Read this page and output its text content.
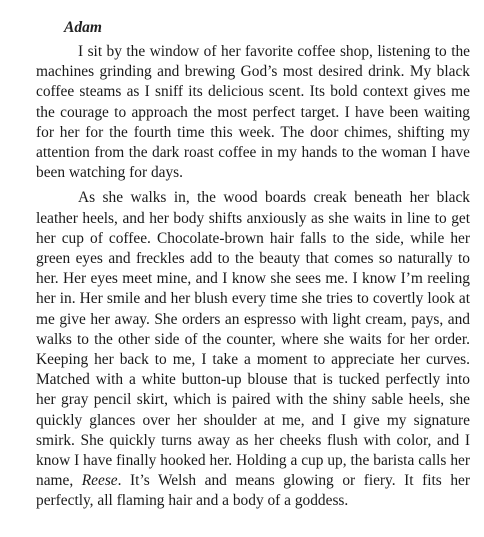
Adam

I sit by the window of her favorite coffee shop, listening to the machines grinding and brewing God’s most desired drink. My black coffee steams as I sniff its delicious scent. Its bold context gives me the courage to approach the most perfect target. I have been waiting for her for the fourth time this week. The door chimes, shifting my attention from the dark roast coffee in my hands to the woman I have been watching for days.

As she walks in, the wood boards creak beneath her black leather heels, and her body shifts anxiously as she waits in line to get her cup of coffee. Chocolate-brown hair falls to the side, while her green eyes and freckles add to the beauty that comes so naturally to her. Her eyes meet mine, and I know she sees me. I know I’m reeling her in. Her smile and her blush every time she tries to covertly look at me give her away. She orders an espresso with light cream, pays, and walks to the other side of the counter, where she waits for her order. Keeping her back to me, I take a moment to appreciate her curves. Matched with a white button-up blouse that is tucked perfectly into her gray pencil skirt, which is paired with the shiny sable heels, she quickly glances over her shoulder at me, and I give my signature smirk. She quickly turns away as her cheeks flush with color, and I know I have finally hooked her. Holding a cup up, the barista calls her name, Reese. It’s Welsh and means glowing or fiery. It fits her perfectly, all flaming hair and a body of a goddess.
